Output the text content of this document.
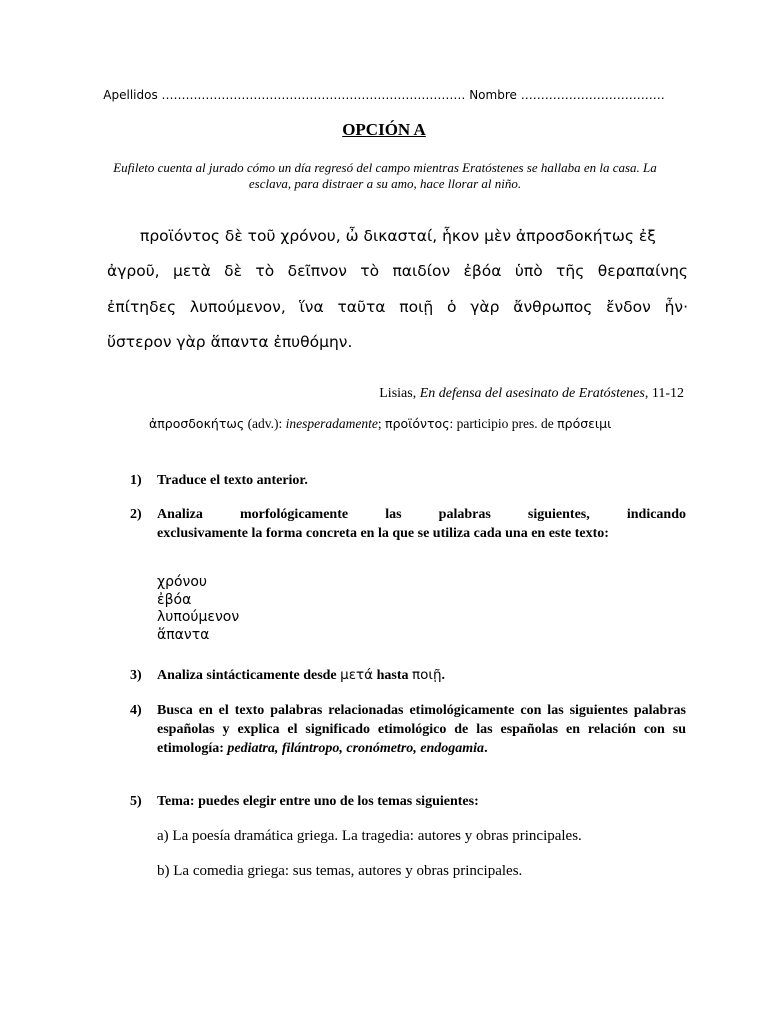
Apellidos ……….………………………………………………………… Nombre ………………………………
OPCIÓN A
Eufileto cuenta al jurado cómo un día regresó del campo mientras Eratóstenes se hallaba en la casa. La esclava, para distraer a su amo, hace llorar al niño.
προϊόντος δὲ τοῦ χρόνου, ὦ δικασταί, ἧκον μὲν ἀπροσδοκήτως ἐξ
ἀγροῦ, μετὰ δὲ τὸ δεῖπνον τὸ παιδίον ἐβόα ὑπὸ τῆς θεραπαίνης
ἐπίτηδες λυπούμενον, ἵνα ταῦτα ποιῇ ὁ γὰρ ἄνθρωπος ἔνδον ἦν·
ὕστερον γὰρ ἅπαντα ἐπυθόμην.
Lisias, En defensa del asesinato de Eratóstenes, 11-12
ἀπροσδοκήτως (adv.): inesperadamente; προϊόντος: participio pres. de πρόσειμι
1) Traduce el texto anterior.
2) Analiza morfológicamente las palabras siguientes, indicando
exclusivamente la forma concreta en la que se utiliza cada una en este texto:
χρόνου
ἐβόα
λυπούμενον
ἅπαντα
3) Analiza sintácticamente desde μετά hasta ποιῇ.
4) Busca en el texto palabras relacionadas etimológicamente con las siguientes palabras españolas y explica el significado etimológico de las españolas en relación con su etimología: pediatra, filántropo, cronómetro, endogamia.
5) Tema: puedes elegir entre uno de los temas siguientes:
a) La poesía dramática griega. La tragedia: autores y obras principales.
b) La comedia griega: sus temas, autores y obras principales.
